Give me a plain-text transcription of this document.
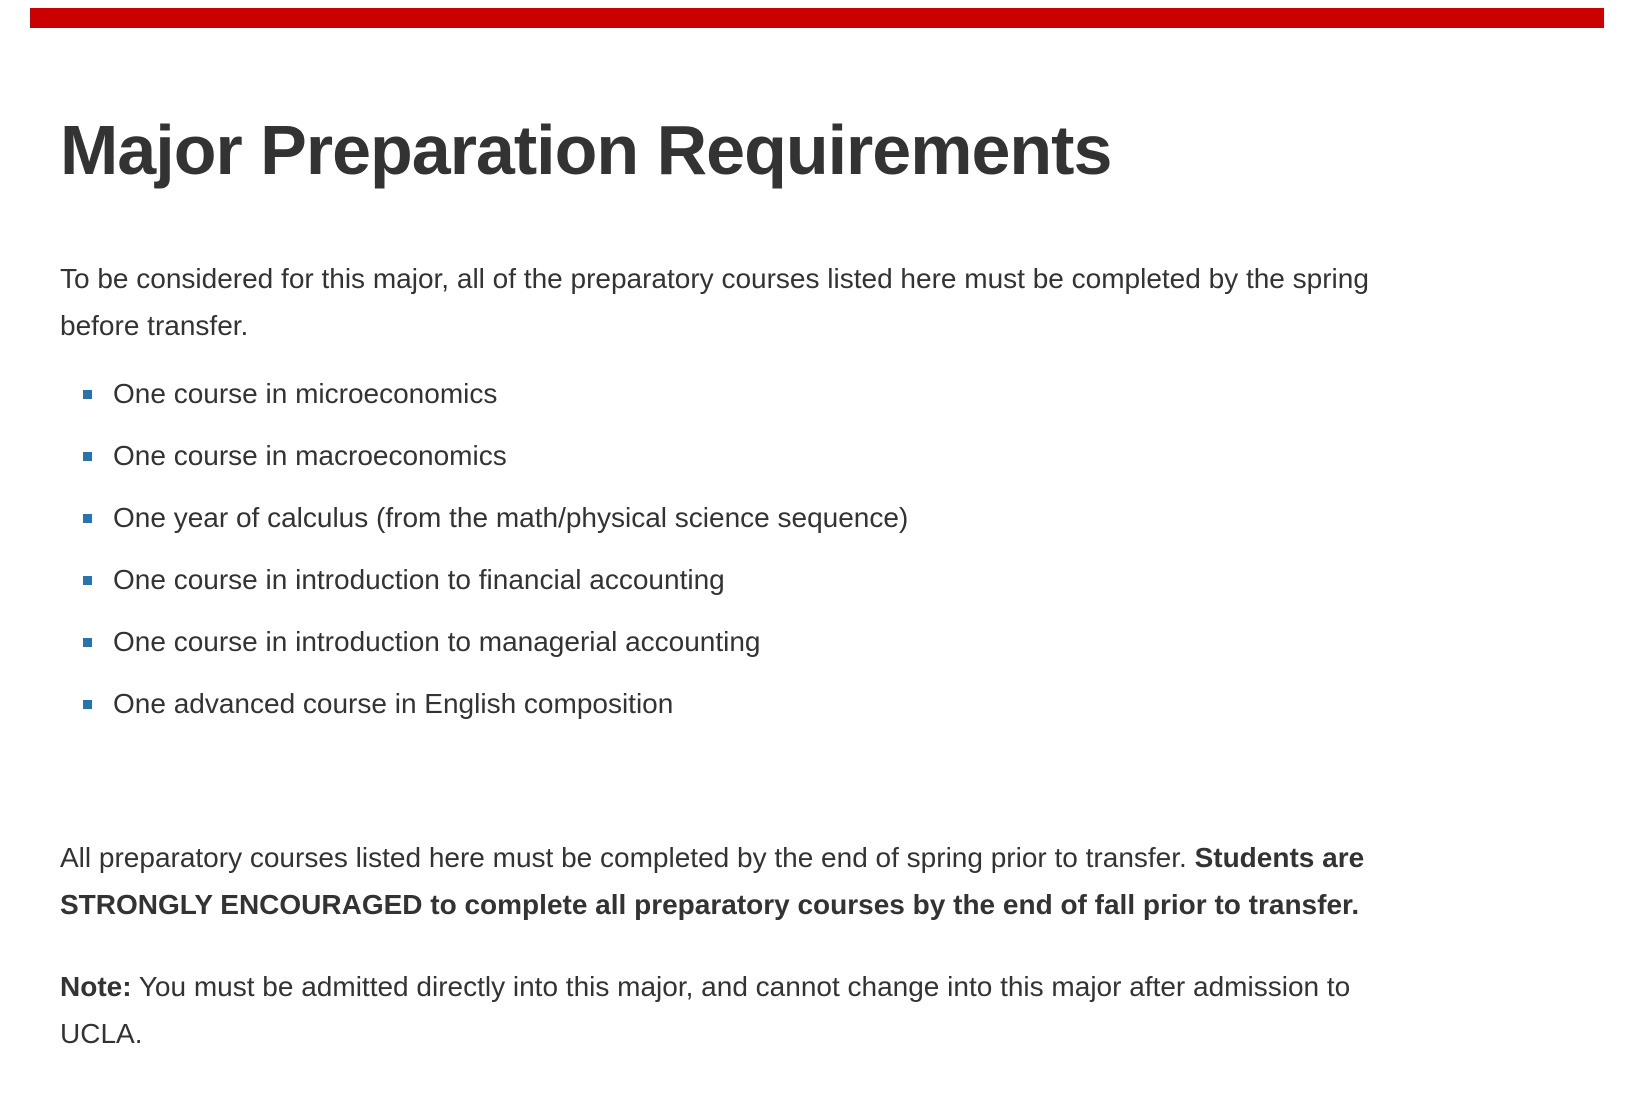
Major Preparation Requirements
To be considered for this major, all of the preparatory courses listed here must be completed by the spring
before transfer.
One course in microeconomics
One course in macroeconomics
One year of calculus (from the math/physical science sequence)
One course in introduction to financial accounting
One course in introduction to managerial accounting
One advanced course in English composition
All preparatory courses listed here must be completed by the end of spring prior to transfer. Students are
STRONGLY ENCOURAGED to complete all preparatory courses by the end of fall prior to transfer.
Note: You must be admitted directly into this major, and cannot change into this major after admission to
UCLA.
